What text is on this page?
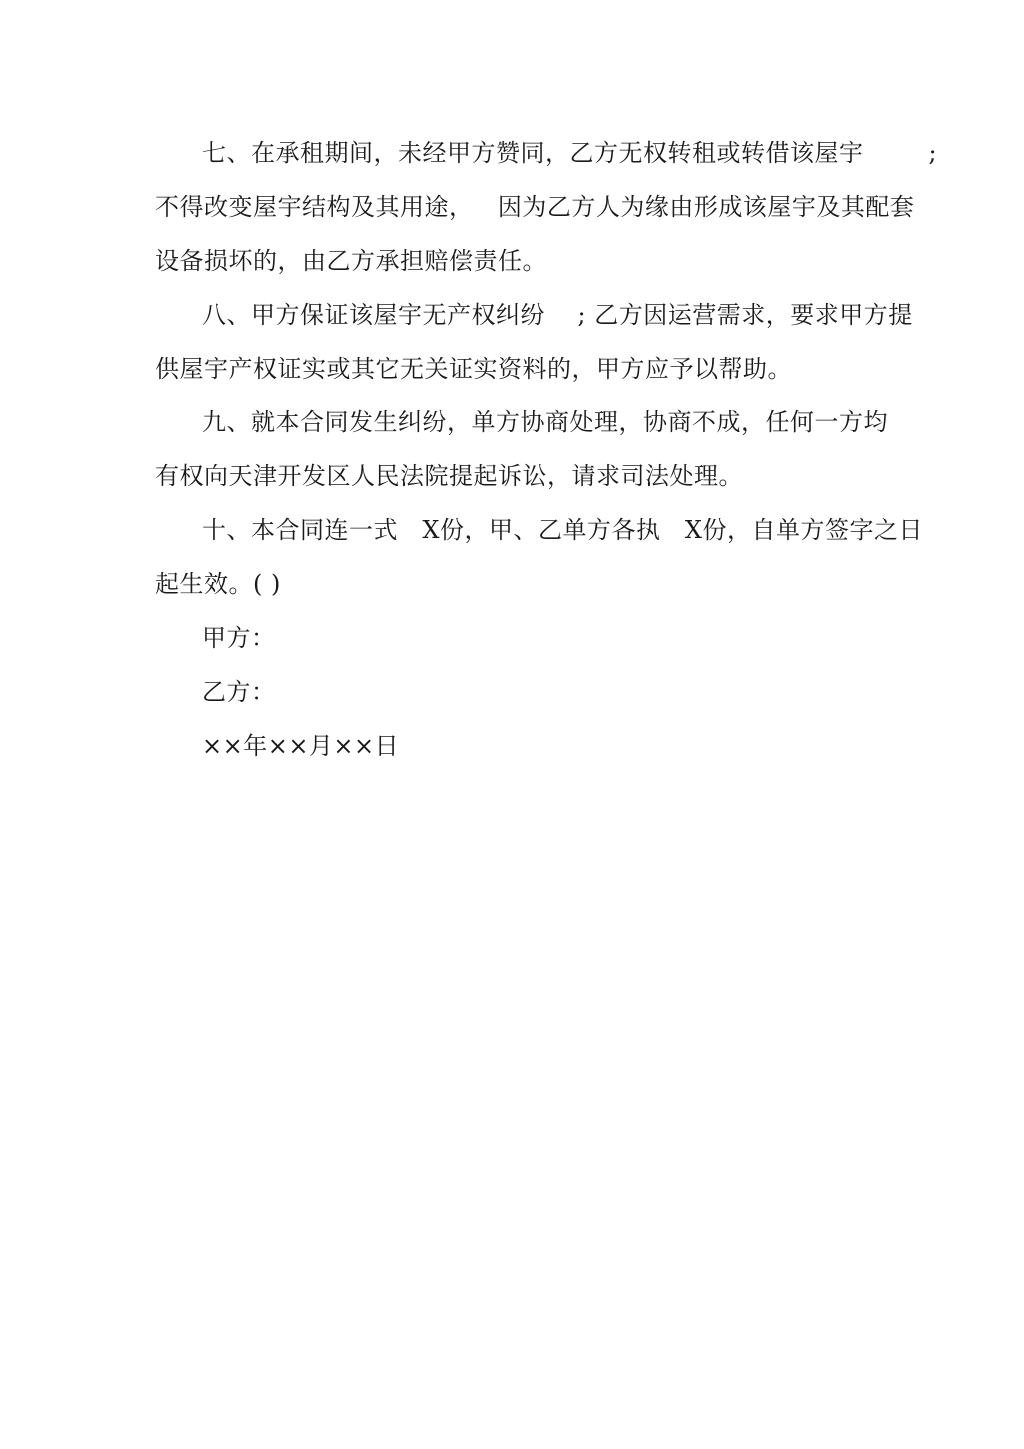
七、在承租期间，未经甲方赞同，乙方无权转租或转借该屋宇        ;
不得改变屋宇结构及其用途，   因为乙方人为缘由形成该屋宇及其配套
设备损坏的，由乙方承担赔偿责任。
八、甲方保证该屋宇无产权纠纷    ; 乙方因运营需求，要求甲方提
供屋宇产权证实或其它无关证实资料的，甲方应予以帮助。
九、就本合同发生纠纷，单方协商处理，协商不成，任何一方均
有权向天津开发区人民法院提起诉讼，请求司法处理。
十、本合同连一式   X份，甲、乙单方各执   X份，自单方签字之日
起生效。( )
甲方：
乙方：
××年××月××日
